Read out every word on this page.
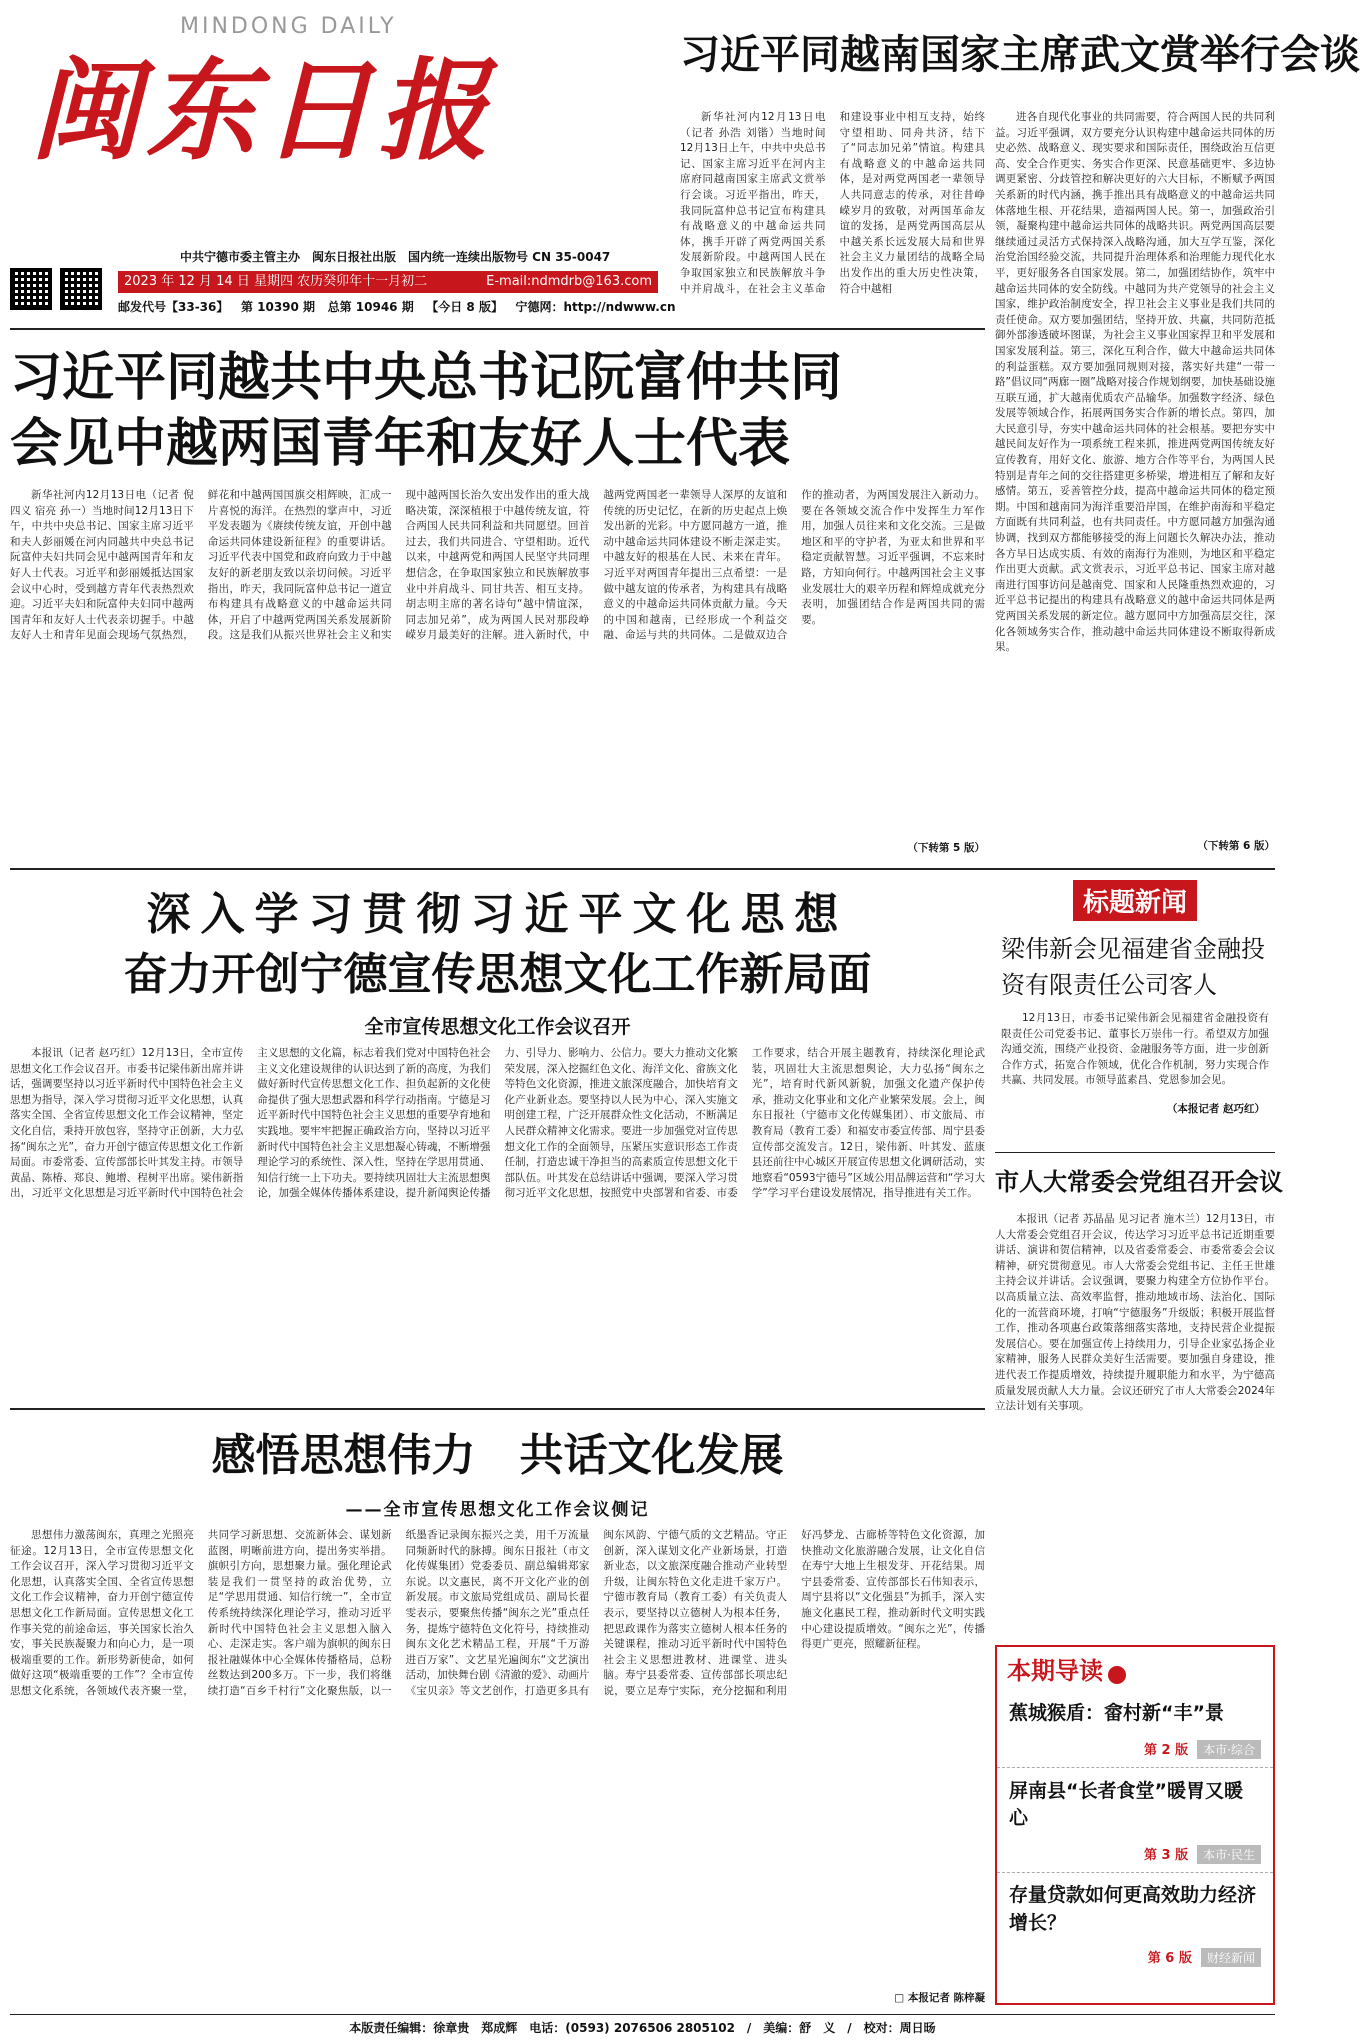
MINDONG DAILY
闽东日报
中共宁德市委主管主办　闽东日报社出版　国内统一连续出版物号 CN 35-0047
2023 年 12 月 14 日 星期四 农历癸卯年十一月初二	E-mail:ndmdrb@163.com
邮发代号【33-36】 第 10390 期 总第 10946 期 【今日 8 版】 宁德网：http://ndwww.cn
习近平同越南国家主席武文赏举行会谈
新华社河内12月13日电（记者 孙浩 刘锴）当地时间12月13日上午，中共中央总书记、国家主席习近平在河内主席府同越南国家主席武文赏举行会谈。习近平指出，昨天，我同阮富仲总书记宣布构建具有战略意义的中越命运共同体，携手开辟了两党两国关系发展新阶段。中越两国人民在争取国家独立和民族解放斗争中并肩战斗，在社会主义革命和建设事业中相互支持，始终守望相助、同舟共济，结下了“同志加兄弟”情谊。构建具有战略意义的中越命运共同体，是对两党两国老一辈领导人共同意志的传承，对往昔峥嵘岁月的致敬，对两国革命友谊的发扬，是两党两国高层从中越关系长远发展大局和世界社会主义力量团结的战略全局出发作出的重大历史性决策，符合中越相
进各自现代化事业的共同需要，符合两国人民的共同利益。习近平强调，双方要充分认识构建中越命运共同体的历史必然、战略意义、现实要求和国际责任，围绕政治互信更高、安全合作更实、务实合作更深、民意基础更牢、多边协调更紧密、分歧管控和解决更好的六大目标，不断赋予两国关系新的时代内涵，携手推出具有战略意义的中越命运共同体落地生根、开花结果，造福两国人民。第一，加强政治引领，凝聚构建中越命运共同体的战略共识。两党两国高层要继续通过灵活方式保持深入战略沟通，加大互学互鉴，深化治党治国经验交流，共同提升治理体系和治理能力现代化水平，更好服务各自国家发展。第二，加强团结协作，筑牢中越命运共同体的安全防线。中越同为共产党领导的社会主义国家，维护政治制度安全，捍卫社会主义事业是我们共同的责任使命。双方要加强团结，坚持开放、共赢，共同防范抵御外部渗透破坏图谋，为社会主义事业国家捍卫和平发展和国家发展利益。第三，深化互利合作，做大中越命运共同体的利益蛋糕。双方要加强同规则对接，落实好共建“一带一路”倡议同“两廊一圈”战略对接合作规划纲要，加快基础设施互联互通，扩大越南优质农产品输华。加强数字经济、绿色发展等领域合作，拓展两国务实合作新的增长点。第四，加大民意引导，夯实中越命运共同体的社会根基。要把夯实中越民间友好作为一项系统工程来抓，推进两党两国传统友好宣传教育，用好文化、旅游、地方合作等平台，为两国人民特别是青年之间的交往搭建更多桥梁，增进相互了解和友好感情。第五，妥善管控分歧，提高中越命运共同体的稳定预期。中国和越南同为海洋重要沿岸国，在维护南海和平稳定方面既有共同利益，也有共同责任。中方愿同越方加强沟通协调，找到双方都能够接受的海上问题长久解决办法，推动各方早日达成实质、有效的南海行为准则，为地区和平稳定作出更大贡献。武文赏表示，习近平总书记、国家主席对越南进行国事访问是越南党、国家和人民隆重热烈欢迎的，习近平总书记提出的构建具有战略意义的越中命运共同体是两党两国关系发展的新定位。越方愿同中方加强高层交往，深化各领域务实合作，推动越中命运共同体建设不断取得新成果。
（下转第 6 版）
习近平同越共中央总书记阮富仲共同
会见中越两国青年和友好人士代表
新华社河内12月13日电（记者 倪四义 宿亮 孙一）当地时间12月13日下午，中共中央总书记、国家主席习近平和夫人彭丽媛在河内同越共中央总书记阮富仲夫妇共同会见中越两国青年和友好人士代表。习近平和彭丽媛抵达国家会议中心时，受到越方青年代表热烈欢迎。习近平夫妇和阮富仲夫妇同中越两国青年和友好人士代表亲切握手。中越友好人士和青年见面会现场气氛热烈，鲜花和中越两国国旗交相辉映，汇成一片喜悦的海洋。在热烈的掌声中，习近平发表题为《赓续传统友谊，开创中越命运共同体建设新征程》的重要讲话。习近平代表中国党和政府向致力于中越友好的新老朋友致以亲切问候。习近平指出，昨天，我同阮富仲总书记一道宣布构建具有战略意义的中越命运共同体，开启了中越两党两国关系发展新阶段。这是我们从振兴世界社会主义和实现中越两国长治久安出发作出的重大战略决策，深深植根于中越传统友谊，符合两国人民共同利益和共同愿望。回首过去，我们共同进合、守望相助。近代以来，中越两党和两国人民坚守共同理想信念，在争取国家独立和民族解放事业中并肩战斗、同甘共苦、相互支持。胡志明主席的著名诗句“越中情谊深，同志加兄弟”，成为两国人民对那段峥嵘岁月最美好的注解。进入新时代，中越两党两国老一辈领导人深厚的友谊和传统的历史记忆，在新的历史起点上焕发出新的光彩。中方愿同越方一道，推动中越命运共同体建设不断走深走实。中越友好的根基在人民、未来在青年。习近平对两国青年提出三点希望：一是做中越友谊的传承者，为构建具有战略意义的中越命运共同体贡献力量。今天的中国和越南，已经形成一个利益交融、命运与共的共同体。二是做双边合作的推动者，为两国发展注入新动力。要在各领域交流合作中发挥生力军作用，加强人员往来和文化交流。三是做地区和平的守护者，为亚太和世界和平稳定贡献智慧。习近平强调，不忘来时路，方知向何行。中越两国社会主义事业发展壮大的艰辛历程和辉煌成就充分表明，加强团结合作是两国共同的需要。
（下转第 5 版）
深入学习贯彻习近平文化思想
奋力开创宁德宣传思想文化工作新局面
全市宣传思想文化工作会议召开
本报讯（记者 赵巧红）12月13日，全市宣传思想文化工作会议召开。市委书记梁伟新出席并讲话，强调要坚持以习近平新时代中国特色社会主义思想为指导，深入学习贯彻习近平文化思想，认真落实全国、全省宣传思想文化工作会议精神，坚定文化自信，秉持开放包容，坚持守正创新，大力弘扬“闽东之光”，奋力开创宁德宣传思想文化工作新局面。市委常委、宣传部部长叶其发主持。市领导黄晶、陈椿、郑良、鲍增、程树平出席。梁伟新指出，习近平文化思想是习近平新时代中国特色社会主义思想的文化篇，标志着我们党对中国特色社会主义文化建设规律的认识达到了新的高度，为我们做好新时代宣传思想文化工作、担负起新的文化使命提供了强大思想武器和科学行动指南。宁德是习近平新时代中国特色社会主义思想的重要孕育地和实践地。要牢牢把握正确政治方向，坚持以习近平新时代中国特色社会主义思想凝心铸魂，不断增强理论学习的系统性、深入性，坚持在学思用贯通、知信行统一上下功夫。要持续巩固壮大主流思想舆论，加强全媒体传播体系建设，提升新闻舆论传播力、引导力、影响力、公信力。要大力推动文化繁荣发展，深入挖掘红色文化、海洋文化、畲族文化等特色文化资源，推进文旅深度融合，加快培育文化产业新业态。要坚持以人民为中心，深入实施文明创建工程，广泛开展群众性文化活动，不断满足人民群众精神文化需求。要进一步加强党对宣传思想文化工作的全面领导，压紧压实意识形态工作责任制，打造忠诚干净担当的高素质宣传思想文化干部队伍。叶其发在总结讲话中强调，要深入学习贯彻习近平文化思想，按照党中央部署和省委、市委工作要求，结合开展主题教育，持续深化理论武装，巩固壮大主流思想舆论，大力弘扬“闽东之光”，培育时代新风新貌，加强文化遗产保护传承，推动文化事业和文化产业繁荣发展。会上，闽东日报社（宁德市文化传媒集团）、市文旅局、市教育局（教育工委）和福安市委宣传部、周宁县委宣传部交流发言。12日，梁伟新、叶其发、蓝康县还前往中心城区开展宣传思想文化调研活动，实地察看“0593宁德号”区域公用品牌运营和“学习大学”学习平台建设发展情况，指导推进有关工作。
标题新闻
梁伟新会见福建省金融投资有限责任公司客人
12月13日，市委书记梁伟新会见福建省金融投资有限责任公司党委书记、董事长万崇伟一行。希望双方加强沟通交流，围绕产业投资、金融服务等方面，进一步创新合作方式，拓宽合作领域，优化合作机制，努力实现合作共赢、共同发展。市领导蓝素昌、党恩参加会见。
（本报记者 赵巧红）
市人大常委会党组召开会议
本报讯（记者 苏晶晶 见习记者 施木兰）12月13日，市人大常委会党组召开会议，传达学习习近平总书记近期重要讲话、演讲和贺信精神，以及省委常委会、市委常委会会议精神，研究贯彻意见。市人大常委会党组书记、主任王世雄主持会议并讲话。会议强调，要聚力构建全方位协作平台。以高质量立法、高效率监督，推动地域市场、法治化、国际化的一流营商环境，打响“宁德服务”升级版；积极开展监督工作，推动各项惠台政策落细落实落地，支持民营企业提振发展信心。要在加强宣传上持续用力，引导企业家弘扬企业家精神，服务人民群众美好生活需要。要加强自身建设，推进代表工作提质增效，持续提升履职能力和水平，为宁德高质量发展贡献人大力量。会议还研究了市人大常委会2024年立法计划有关事项。
感悟思想伟力　共话文化发展
——全市宣传思想文化工作会议侧记
思想伟力激荡闽东，真理之光照亮征途。12月13日，全市宣传思想文化工作会议召开，深入学习贯彻习近平文化思想，认真落实全国、全省宣传思想文化工作会议精神，奋力开创宁德宣传思想文化工作新局面。宣传思想文化工作事关党的前途命运，事关国家长治久安，事关民族凝聚力和向心力，是一项极端重要的工作。新形势新使命，如何做好这项“极端重要的工作”？全市宣传思想文化系统，各领域代表齐聚一堂，共同学习新思想、交流新体会、谋划新蓝图，明晰前进方向，提出务实举措。旗帜引方向，思想聚力量。强化理论武装是我们一贯坚持的政治优势，立足“学思用贯通、知信行统一”，全市宣传系统持续深化理论学习，推动习近平新时代中国特色社会主义思想入脑入心、走深走实。客户端为旗帜的闽东日报社融媒体中心全媒体传播格局，总粉丝数达到200多万。下一步，我们将继续打造“百乡千村行”文化聚焦版，以一纸墨香记录闽东振兴之美，用千万流量同频新时代的脉搏。闽东日报社（市文化传媒集团）党委委员、副总编辑郑家东说。以文惠民，离不开文化产业的创新发展。市文旅局党组成员、副局长翟雯表示，要聚焦传播“闽东之光”重点任务，提炼宁德特色文化符号，持续推动闽东文化艺术精品工程，开展“千万游进百万家”、文艺星光遍闽东“文艺演出活动，加快舞台剧《清澈的爱》、动画片《宝贝亲》等文艺创作，打造更多具有闽东风韵、宁德气质的文艺精品。守正创新，深入谋划文化产业新场景，打造新业态，以文旅深度融合推动产业转型升级，让闽东特色文化走进千家万户。宁德市教育局（教育工委）有关负责人表示，要坚持以立德树人为根本任务，把思政课作为落实立德树人根本任务的关键课程，推动习近平新时代中国特色社会主义思想进教材、进课堂、进头脑。寿宁县委常委、宣传部部长项忠纪说，要立足寿宁实际，充分挖掘和利用好冯梦龙、古廊桥等特色文化资源，加快推动文化旅游融合发展，让文化自信在寿宁大地上生根发芽、开花结果。周宁县委常委、宣传部部长石伟知表示，周宁县将以“文化强县”为抓手，深入实施文化惠民工程，推动新时代文明实践中心建设提质增效。“闽东之光”，传播得更广更亮，照耀新征程。
□ 本报记者 陈梓凝
本期导读
蕉城猴盾：畲村新“丰”景
第 2 版 本市·综合
屏南县“长者食堂”暖胃又暖心
第 3 版 本市·民生
存量贷款如何更高效助力经济增长？
第 6 版 财经新闻
本版责任编辑：徐章贵　郑成辉　电话：(0593) 2076506 2805102　/　美编：舒　义　/　校对：周日旸
